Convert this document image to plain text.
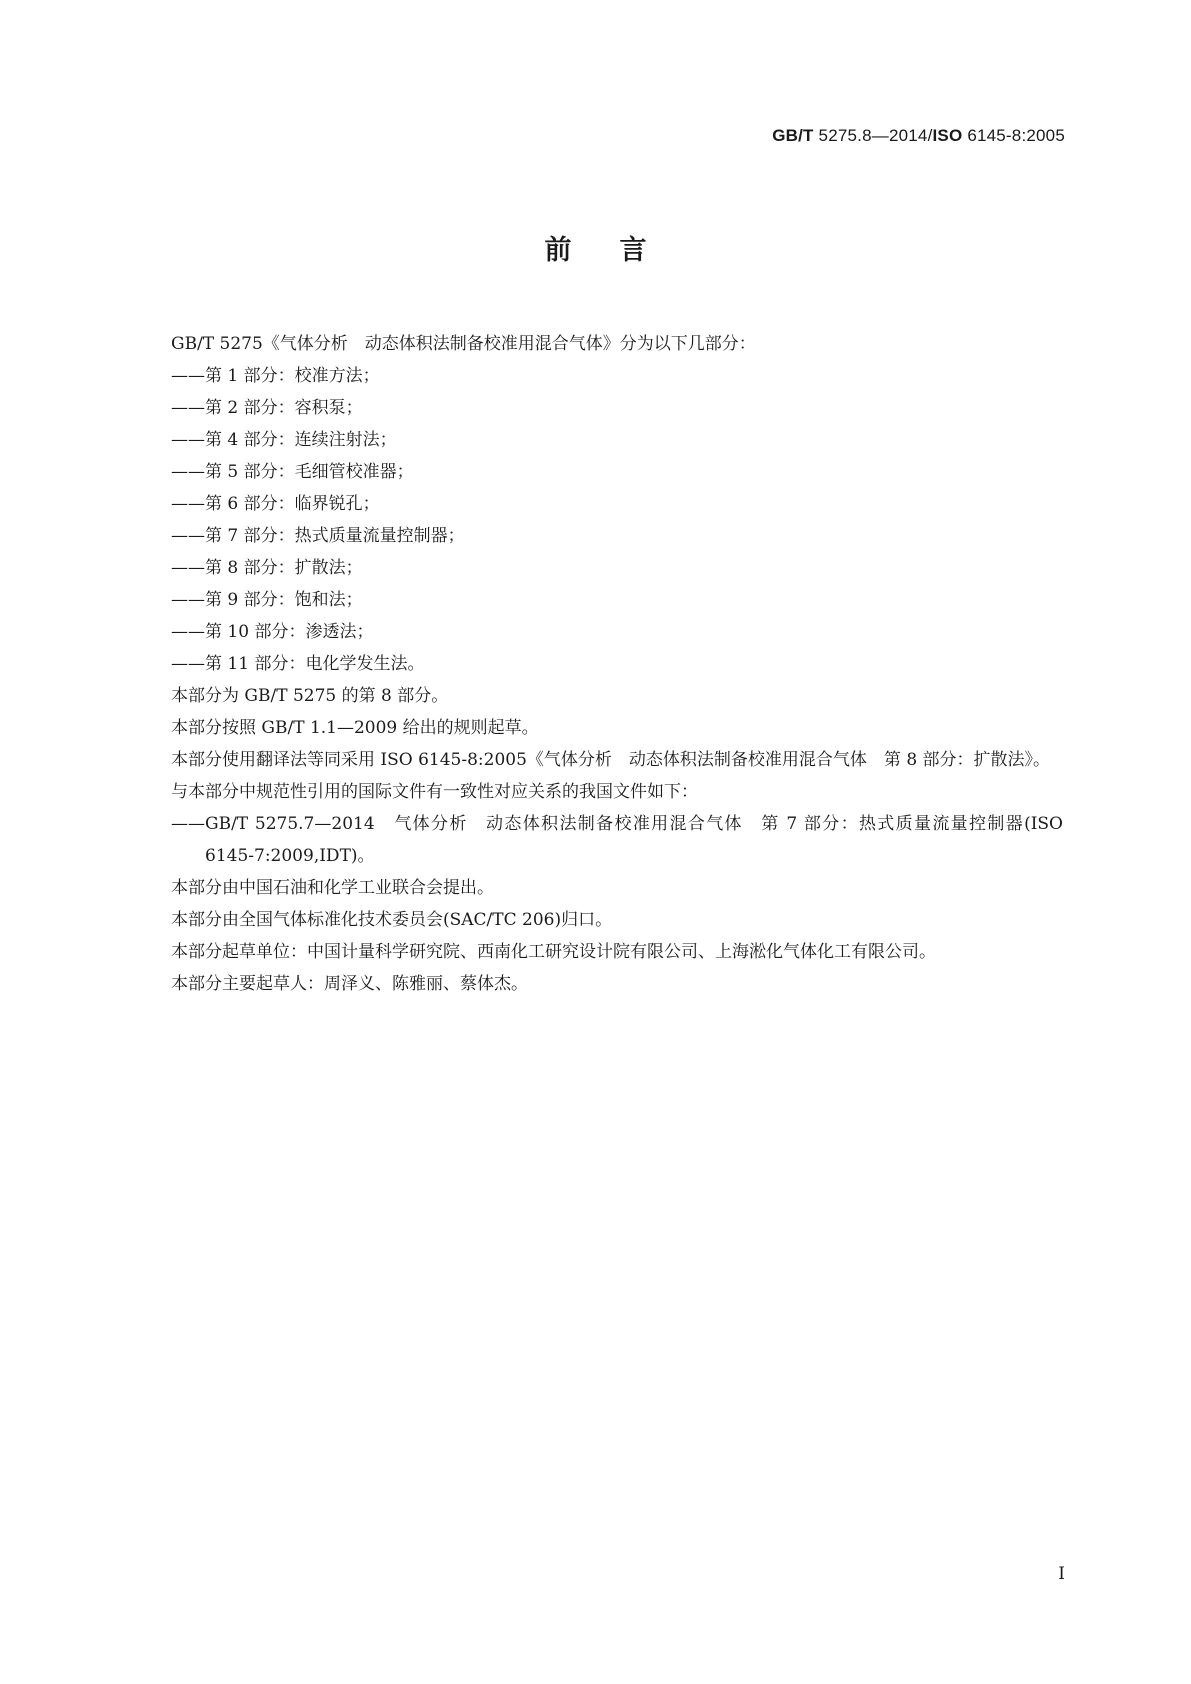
GB/T 5275.8—2014/ISO 6145-8:2005
前言

GB/T 5275《气体分析　动态体积法制备校准用混合气体》分为以下几部分：

——第 1 部分：校准方法；

——第 2 部分：容积泵；

——第 4 部分：连续注射法；

——第 5 部分：毛细管校准器；

——第 6 部分：临界锐孔；

——第 7 部分：热式质量流量控制器；

——第 8 部分：扩散法；

——第 9 部分：饱和法；

——第 10 部分：渗透法；

——第 11 部分：电化学发生法。

本部分为 GB/T 5275 的第 8 部分。

本部分按照 GB/T 1.1—2009 给出的规则起草。

本部分使用翻译法等同采用 ISO 6145-8:2005《气体分析　动态体积法制备校准用混合气体　第 8 部分：扩散法》。

与本部分中规范性引用的国际文件有一致性对应关系的我国文件如下：

——GB/T 5275.7—2014　气体分析　动态体积法制备校准用混合气体　第 7 部分：热式质量流量控制器(ISO 6145-7:2009,IDT)。

本部分由中国石油和化学工业联合会提出。

本部分由全国气体标准化技术委员会(SAC/TC 206)归口。

本部分起草单位：中国计量科学研究院、西南化工研究设计院有限公司、上海淞化气体化工有限公司。

本部分主要起草人：周泽义、陈雅丽、蔡体杰。

I
